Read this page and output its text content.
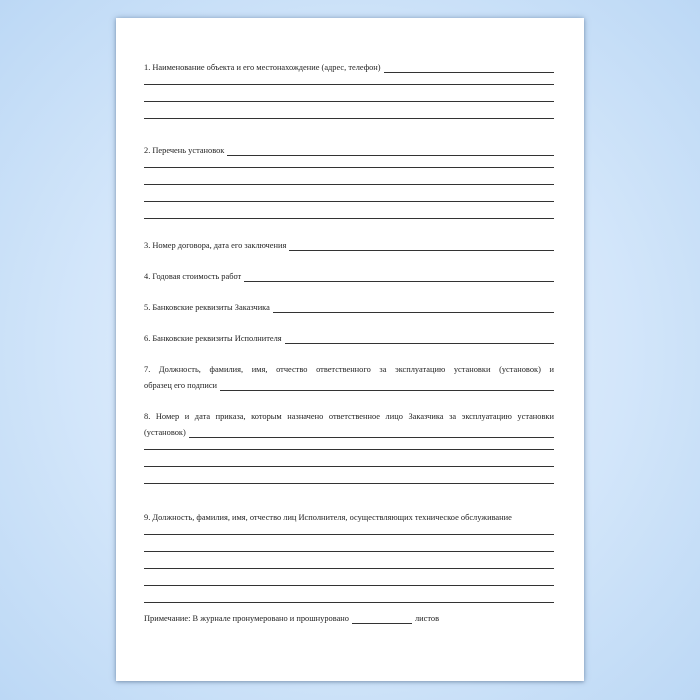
1. Наименование объекта и его местонахождение (адрес, телефон)
2. Перечень установок
3. Номер договора, дата его заключения
4. Годовая стоимость работ
5. Банковские реквизиты Заказчика
6. Банковские реквизиты Исполнителя
7. Должность, фамилия, имя, отчество ответственного за эксплуатацию установки (установок) и
образец его подписи
8. Номер и дата приказа, которым назначено ответственное лицо Заказчика за эксплуатацию установки
(установок)
9. Должность, фамилия, имя, отчество лиц Исполнителя, осуществляющих техническое обслуживание
Примечание: В журнале пронумеровано и прошнуровано	листов
